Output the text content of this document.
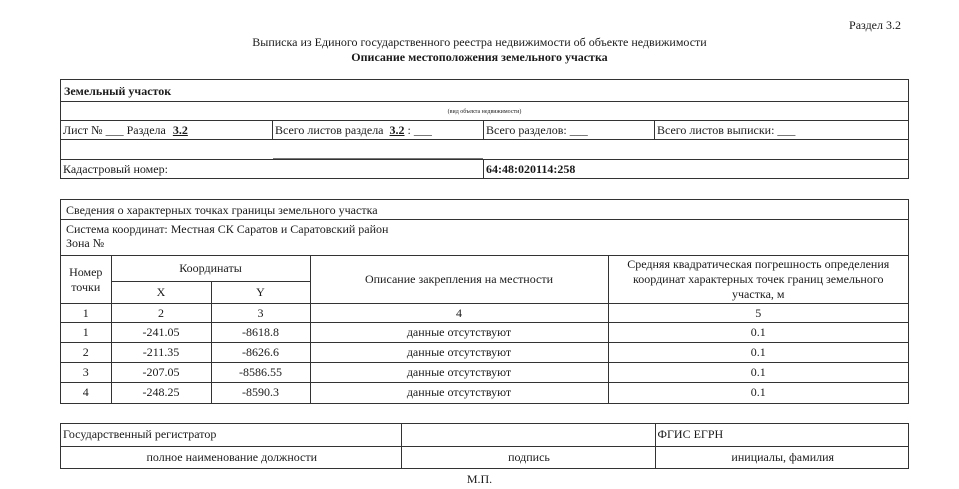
Раздел 3.2
Выписка из Единого государственного реестра недвижимости об объекте недвижимости
Описание местоположения земельного участка
Земельный участок
(вид объекта недвижимости)
Лист № ___ Раздела 3.2	Всего листов раздела 3.2 : ___	Всего разделов: ___	Всего листов выписки: ___
Кадастровый номер:	64:48:020114:258
Сведения о характерных точках границы земельного участка
Система координат: Местная СК Саратов и Саратовский район
Зона №
Номер точки	Координаты		Описание закрепления на местности	Средняя квадратическая погрешность определения координат характерных точек границ земельного участка, м
	X	Y		
1	2	3	4	5
1	-241.05	-8618.8	данные отсутствуют	0.1
2	-211.35	-8626.6	данные отсутствуют	0.1
3	-207.05	-8586.55	данные отсутствуют	0.1
4	-248.25	-8590.3	данные отсутствуют	0.1
Государственный регистратор		ФГИС ЕГРН
полное наименование должности	подпись	инициалы, фамилия
М.П.
